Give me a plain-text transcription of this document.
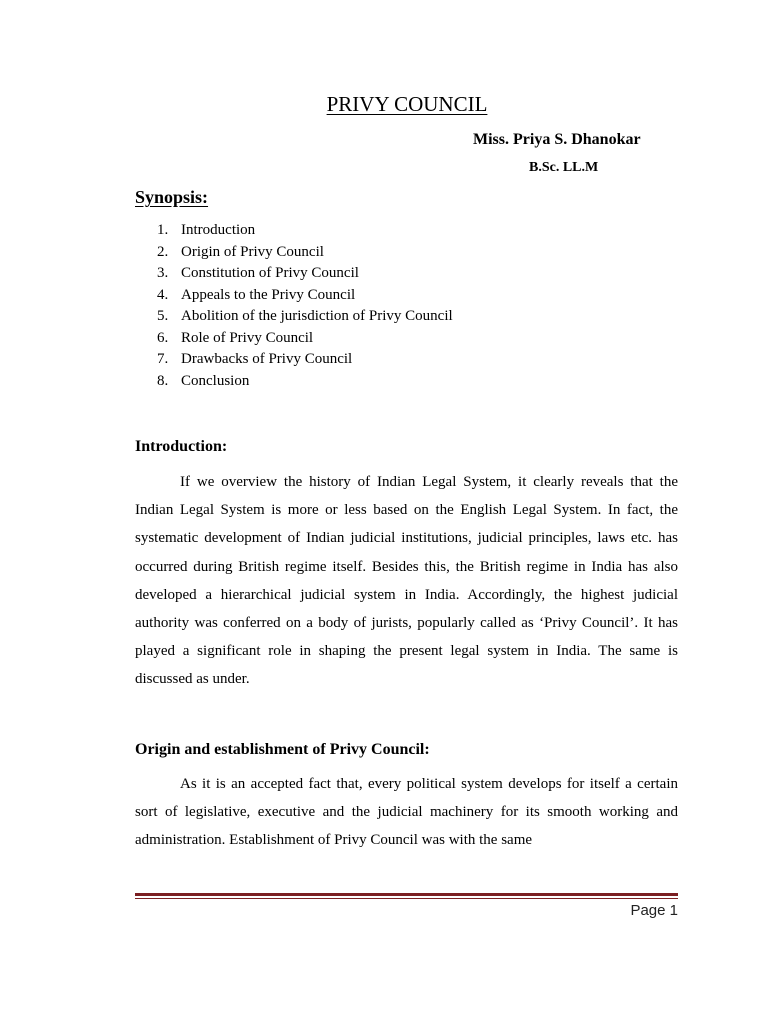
PRIVY COUNCIL
Miss. Priya S. Dhanokar
B.Sc. LL.M
Synopsis:
1. Introduction
2. Origin of Privy Council
3. Constitution of Privy Council
4. Appeals to the Privy Council
5. Abolition of the jurisdiction of Privy Council
6. Role of Privy Council
7. Drawbacks of Privy Council
8. Conclusion
Introduction:

If we overview the history of Indian Legal System, it clearly reveals that the Indian Legal System is more or less based on the English Legal System. In fact, the systematic development of Indian judicial institutions, judicial principles, laws etc. has occurred during British regime itself. Besides this, the British regime in India has also developed a hierarchical judicial system in India. Accordingly, the highest judicial authority was conferred on a body of jurists, popularly called as ‘Privy Council’. It has played a significant role in shaping the present legal system in India. The same is discussed as under.

Origin and establishment of Privy Council:

As it is an accepted fact that, every political system develops for itself a certain sort of legislative, executive and the judicial machinery for its smooth working and administration. Establishment of Privy Council was with the same

Page 1
